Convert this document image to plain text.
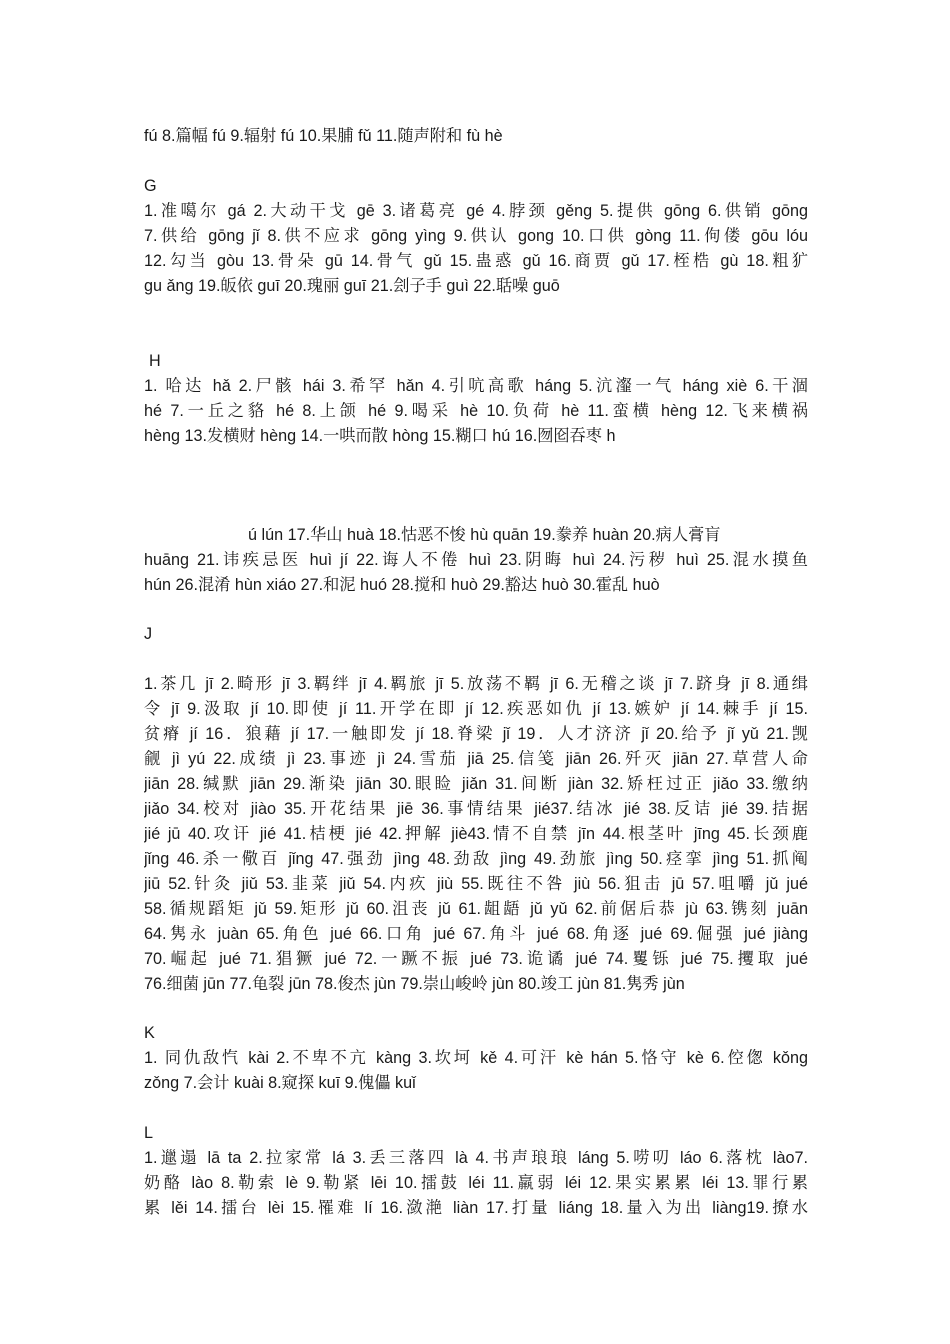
fú 8.篇幅 fú 9.辐射 fú 10.果脯 fǔ 11.随声附和 fù hè
G
1.准噶尔 gá 2.大动干戈 gē 3.诸葛亮 gé 4.脖颈 gěng 5.提供 gōng 6.供销 gōng
7.供给 gōng jǐ 8.供不应求 gōng yìng 9.供认 gong 10.口供 gòng 11.佝偻 gōu lóu
12.勾当 gòu 13.骨朵 gū 14.骨气 gǔ 15.蛊惑 gǔ 16.商贾 gǔ 17.桎梏 gù 18.粗犷
gu ǎng 19.皈依 guī 20.瑰丽 guī 21.刽子手 guì 22.聒噪 guō
H
1. 哈达 hǎ 2.尸骸 hái 3.希罕 hǎn 4.引吭高歌 háng 5.沆瀣一气 háng xiè 6.干涸
hé 7.一丘之貉 hé 8.上颌 hé 9.喝采 hè 10.负荷 hè 11.蛮横 hèng 12.飞来横祸
hèng 13.发横财 hèng 14.一哄而散 hòng 15.糊口 hú 16.囫囵吞枣 h
ú lún 17.华山 huà 18.怙恶不悛 hù quān 19.豢养 huàn 20.病人膏肓
huāng 21.讳疾忌医 huì jí 22.诲人不倦 huì 23.阴晦 huì 24.污秽 huì 25.混水摸鱼
hún 26.混淆 hùn xiáo 27.和泥 huó 28.搅和 huò 29.豁达 huò 30.霍乱 huò
J
1.茶几 jī 2.畸形 jī 3.羁绊 jī 4.羁旅 jī 5.放荡不羁 jī 6.无稽之谈 jī 7.跻身 jī 8.通缉
令 jī 9.汲取 jí 10.即使 jí 11.开学在即 jí 12.疾恶如仇 jí 13.嫉妒 jí 14.棘手 jí 15.
贫瘠 jí 16．狼藉 jí 17.一触即发 jí 18.脊梁 jǐ 19．人才济济 jǐ 20.给予 jǐ yǔ 21.觊
觎 jì yú 22.成绩 jì 23.事迹 jì 24.雪茄 jiā 25.信笺 jiān 26.歼灭 jiān 27.草营人命
jiān 28.缄默 jiān 29.渐染 jiān 30.眼睑 jiǎn 31.间断 jiàn 32.矫枉过正 jiǎo 33.缴纳
jiǎo 34.校对 jiào 35.开花结果 jiē 36.事情结果 jié37.结冰 jié 38.反诘 jié 39.拮据
jié jū 40.攻讦 jié 41.桔梗 jié 42.押解 jiè43.情不自禁 jīn 44.根茎叶 jīng 45.长颈鹿
jǐng 46.杀一儆百 jǐng 47.强劲 jìng 48.劲敌 jìng 49.劲旅 jìng 50.痉挛 jìng 51.抓阄
jiū 52.针灸 jiǔ 53.韭菜 jiǔ 54.内疚 jiù 55.既往不咎 jiù 56.狙击 jū 57.咀嚼 jǔ jué
58.循规蹈矩 jǔ 59.矩形 jǔ 60.沮丧 jǔ 61.龃龉 jǔ yǔ 62.前倨后恭 jù 63.镌刻 juān
64.隽永 juàn 65.角色 jué 66.口角 jué 67.角斗 jué 68.角逐 jué 69.倔强 jué jiàng
70.崛起 jué 71.猖獗 jué 72.一蹶不振 jué 73.诡谲 jué 74.矍铄 jué 75.攫取 jué
76.细菌 jūn 77.龟裂 jūn 78.俊杰 jùn 79.崇山峻岭 jùn 80.竣工 jùn 81.隽秀 jùn
K
1. 同仇敌忾 kài 2.不卑不亢 kàng 3.坎坷 kě 4.可汗 kè hán 5.恪守 kè 6.倥偬 kǒng
zǒng 7.会计 kuài 8.窥探 kuī 9.傀儡 kuǐ
L
1.邋遢 lā ta 2.拉家常 lá 3.丢三落四 là 4.书声琅琅 láng 5.唠叨 láo 6.落枕 lào7.
奶酪 lào 8.勒索 lè 9.勒紧 lēi 10.擂鼓 léi 11.羸弱 léi 12.果实累累 léi 13.罪行累
累 lěi 14.擂台 lèi 15.罹难 lí 16.潋滟 liàn 17.打量 liáng 18.量入为出 liàng19.撩水
